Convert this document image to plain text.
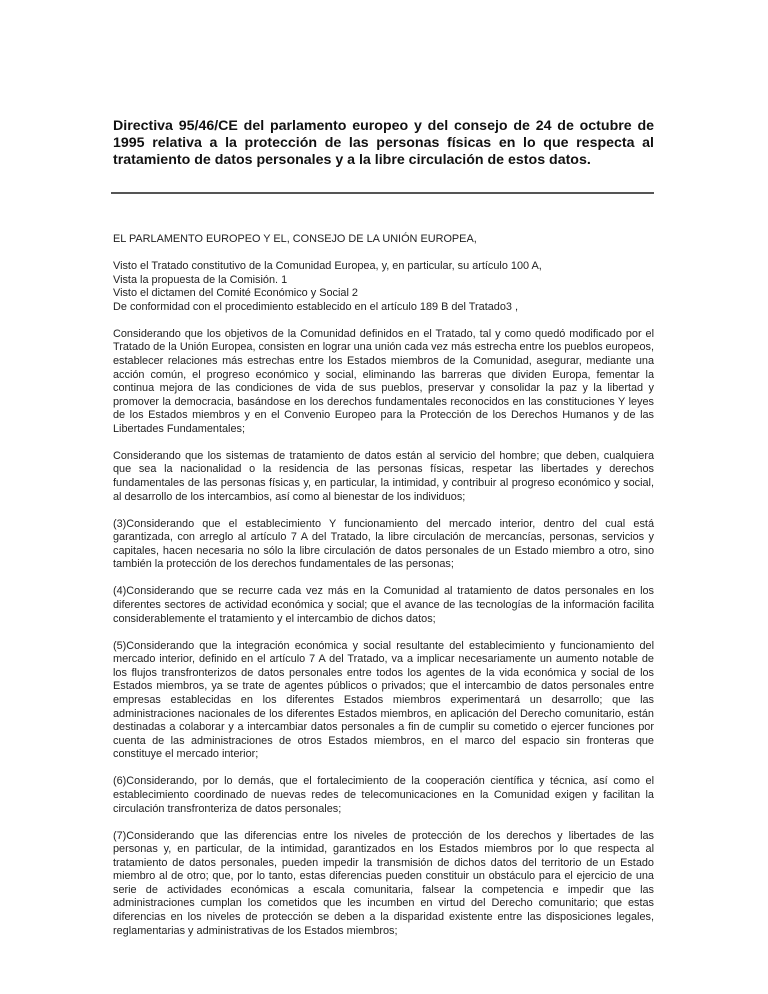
Directiva 95/46/CE del parlamento europeo y del consejo de 24 de octubre de 1995 relativa a la protección de las personas físicas en lo que respecta al tratamiento de datos personales y a la libre circulación de estos datos.

EL PARLAMENTO EUROPEO Y EL, CONSEJO DE LA UNIÓN EUROPEA,

Visto el Tratado constitutivo de la Comunidad Europea, y, en particular, su artículo 100 A,
Vista la propuesta de la Comisión. 1
Visto el dictamen del Comité Económico y Social 2
De conformidad con el procedimiento establecido en el artículo 189 B del Tratado3 ,

Considerando que los objetivos de la Comunidad definidos en el Tratado, tal y como quedó modificado por el Tratado de la Unión Europea, consisten en lograr una unión cada vez más estrecha entre los pueblos europeos, establecer relaciones más estrechas entre los Estados miembros de la Comunidad, asegurar, mediante una acción común, el progreso económico y social, eliminando las barreras que dividen Europa, fementar la continua mejora de las condiciones de vida de sus pueblos, preservar y consolidar la paz y la libertad y promover la democracia, basándose en los derechos fundamentales reconocidos en las constituciones Y leyes de los Estados miembros y en el Convenio Europeo para la Protección de los Derechos Humanos y de las Libertades Fundamentales;

Considerando que los sistemas de tratamiento de datos están al servicio del hombre; que deben, cualquiera que sea la nacionalidad o la residencia de las personas físicas, respetar las libertades y derechos fundamentales de las personas físicas y, en particular, la intimidad, y contribuir al progreso económico y social, al desarrollo de los intercambios, así como al bienestar de los individuos;

(3)Considerando que el establecimiento Y funcionamiento del mercado interior, dentro del cual está garantizada, con arreglo al artículo 7 A del Tratado, la libre circulación de mercancías, personas, servicios y capitales, hacen necesaria no sólo la libre circulación de datos personales de un Estado miembro a otro, sino también la protección de los derechos fundamentales de las personas;

(4)Considerando que se recurre cada vez más en la Comunidad al tratamiento de datos personales en los diferentes sectores de actividad económica y social; que el avance de las tecnologías de la información facilita considerablemente el tratamiento y el intercambio de dichos datos;

(5)Considerando que la integración económica y social resultante del establecimiento y funcionamiento del mercado interior, definido en el artículo 7 A del Tratado, va a implicar necesariamente un aumento notable de los flujos transfronterizos de datos personales entre todos los agentes de la vida económica y social de los Estados miembros, ya se trate de agentes públicos o privados; que el intercambio de datos personales entre empresas establecidas en los diferentes Estados miembros experimentará un desarrollo; que las administraciones nacionales de los diferentes Estados miembros, en aplicación del Derecho comunitario, están destinadas a colaborar y a intercambiar datos personales a fin de cumplir su cometido o ejercer funciones por cuenta de las administraciones de otros Estados miembros, en el marco del espacio sin fronteras que constituye el mercado interior;

(6)Considerando, por lo demás, que el fortalecimiento de la cooperación científica y técnica, así como el establecimiento coordinado de nuevas redes de telecomunicaciones en la Comunidad exigen y facilitan la circulación transfronteriza de datos personales;

(7)Considerando que las diferencias entre los niveles de protección de los derechos y libertades de las personas y, en particular, de la intimidad, garantizados en los Estados miembros por lo que respecta al tratamiento de datos personales, pueden impedir la transmisión de dichos datos del territorio de un Estado miembro al de otro; que, por lo tanto, estas diferencias pueden constituir un obstáculo para el ejercicio de una serie de actividades económicas a escala comunitaria, falsear la competencia e impedir que las administraciones cumplan los cometidos que les incumben en virtud del Derecho comunitario; que estas diferencias en los niveles de protección se deben a la disparidad existente entre las disposiciones legales, reglamentarias y administrativas de los Estados miembros;
